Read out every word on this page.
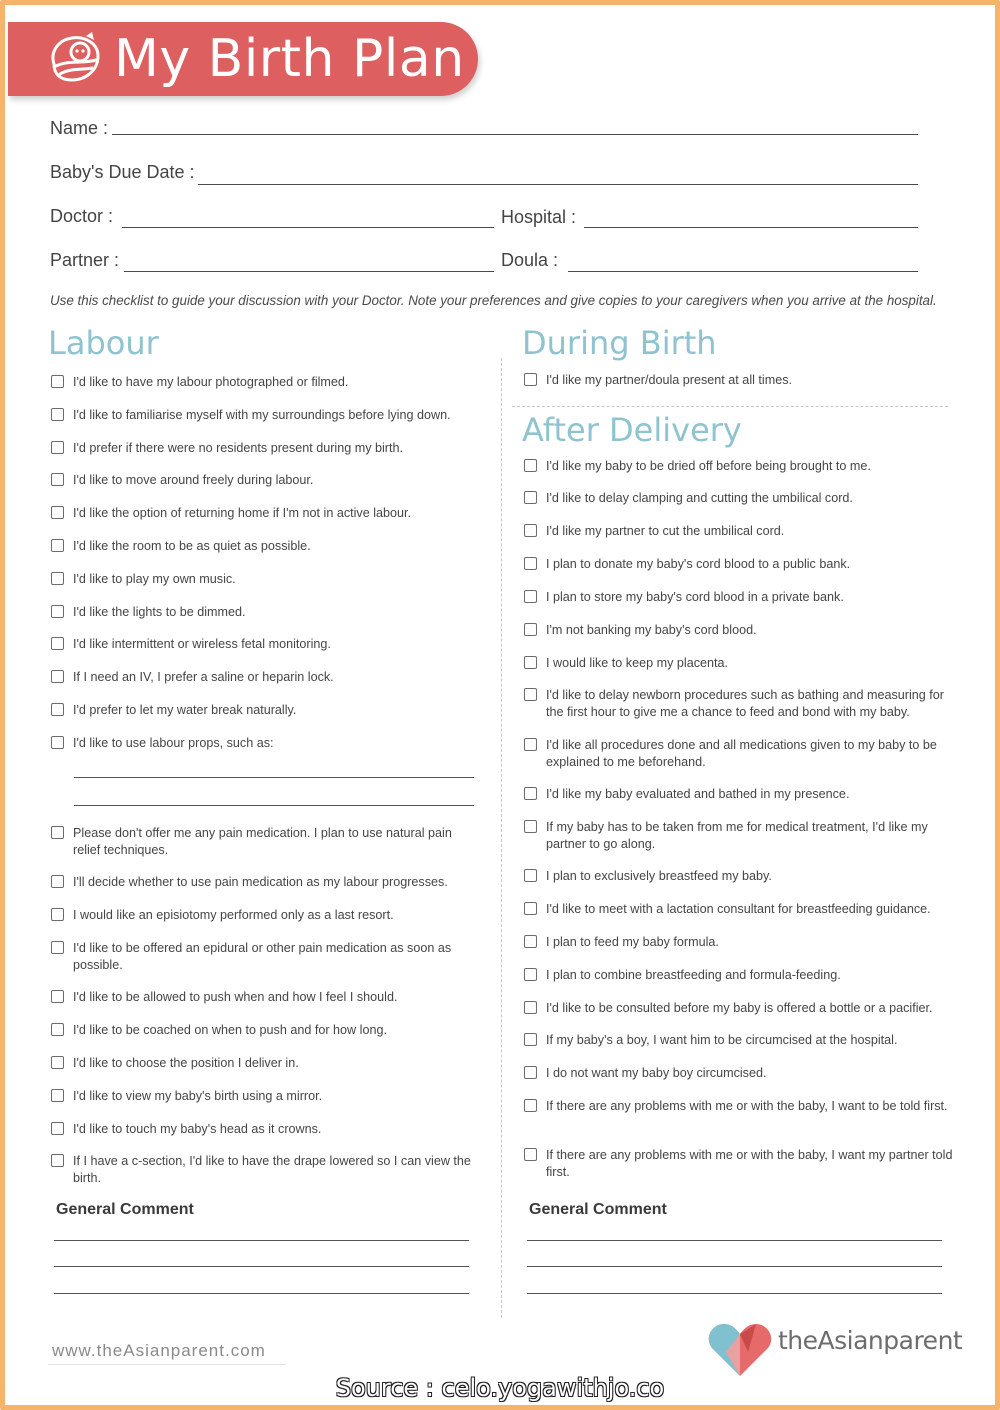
My Birth Plan
Name :
Baby's Due Date :
Doctor :	Hospital :
Partner :	Doula :
Use this checklist to guide your discussion with your Doctor. Note your preferences and give copies to your caregivers when you arrive at the hospital.
Labour	During Birth
After Delivery
I'd like to have my labour photographed or filmed.
I'd like to familiarise myself with my surroundings before lying down.
I'd prefer if there were no residents present during my birth.
I'd like to move around freely during labour.
I'd like the option of returning home if I'm not in active labour.
I'd like the room to be as quiet as possible.
I'd like to play my own music.
I'd like the lights to be dimmed.
I'd like intermittent or wireless fetal monitoring.
If I need an IV, I prefer a saline or heparin lock.
I'd prefer to let my water break naturally.
I'd like to use labour props, such as:
Please don't offer me any pain medication. I plan to use natural pain relief techniques.
I'll decide whether to use pain medication as my labour progresses.
I would like an episiotomy performed only as a last resort.
I'd like to be offered an epidural or other pain medication as soon as possible.
I'd like to be allowed to push when and how I feel I should.
I'd like to be coached on when to push and for how long.
I'd like to choose the position I deliver in.
I'd like to view my baby's birth using a mirror.
I'd like to touch my baby's head as it crowns.
If I have a c-section, I'd like to have the drape lowered so I can view the birth.
I'd like my partner/doula present at all times.
I'd like my baby to be dried off before being brought to me.
I'd like to delay clamping and cutting the umbilical cord.
I'd like my partner to cut the umbilical cord.
I plan to donate my baby's cord blood to a public bank.
I plan to store my baby's cord blood in a private bank.
I'm not banking my baby's cord blood.
I would like to keep my placenta.
I'd like to delay newborn procedures such as bathing and measuring for the first hour to give me a chance to feed and bond with my baby.
I'd like all procedures done and all medications given to my baby to be explained to me beforehand.
I'd like my baby evaluated and bathed in my presence.
If my baby has to be taken from me for medical treatment, I'd like my partner to go along.
I plan to exclusively breastfeed my baby.
I'd like to meet with a lactation consultant for breastfeeding guidance.
I plan to feed my baby formula.
I plan to combine breastfeeding and formula-feeding.
I'd like to be consulted before my baby is offered a bottle or a pacifier.
If my baby's a boy, I want him to be circumcised at the hospital.
I do not want my baby boy circumcised.
If there are any problems with me or with the baby, I want to be told first.
If there are any problems with me or with the baby, I want my partner told first.
General Comment	General Comment
www.theAsianparent.com	theAsianparent
Source : celo.yogawithjo.co
